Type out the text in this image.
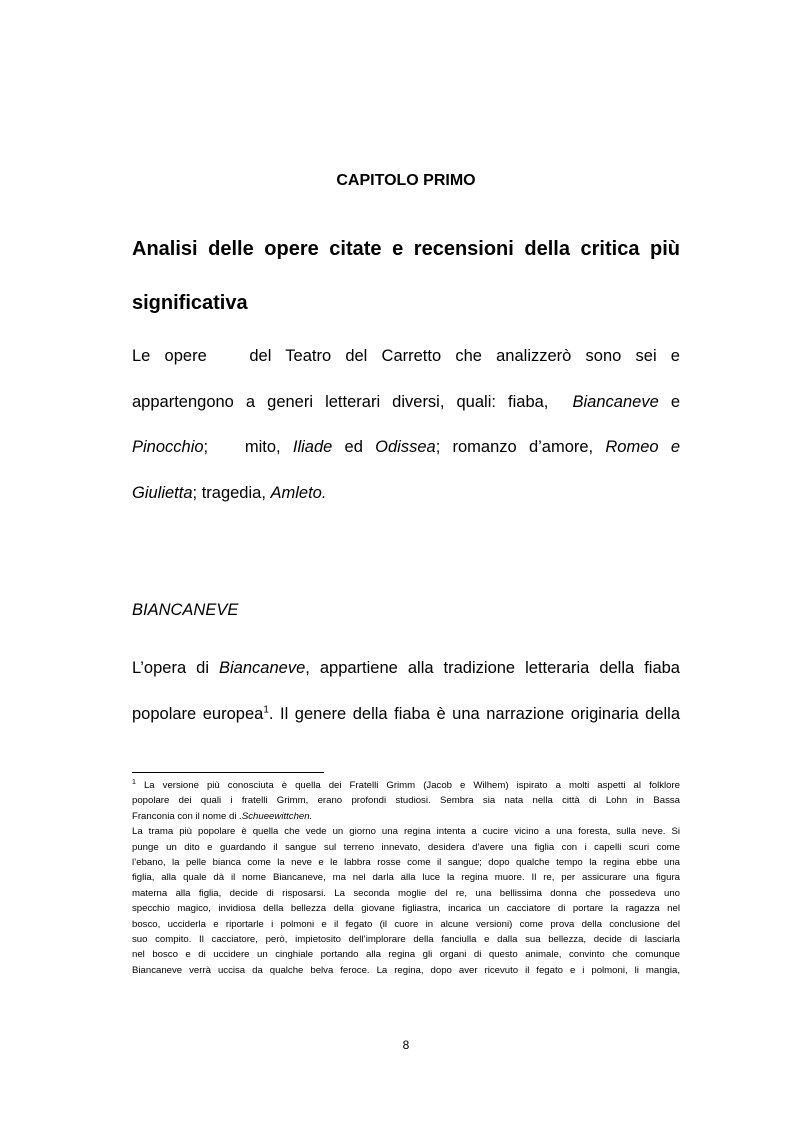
CAPITOLO PRIMO
Analisi delle opere citate e recensioni della critica più
significativa
Le opere   del Teatro del Carretto che analizzerò sono sei e
appartengono a generi letterari diversi, quali: fiaba,  Biancaneve e
Pinocchio;   mito, Iliade ed Odissea; romanzo d’amore, Romeo e
Giulietta; tragedia, Amleto.
BIANCANEVE
L’opera di Biancaneve, appartiene alla tradizione letteraria della fiaba
popolare europea$^1$. Il genere della fiaba è una narrazione originaria della
$^1$ La versione più conosciuta è quella dei Fratelli Grimm (Jacob e Wilhem) ispirato a molti aspetti al folklore
popolare dei quali i fratelli Grimm, erano profondi studiosi. Sembra sia nata nella città di Lohn in Bassa
Franconia con il nome di .Schueewittchen.
La trama più popolare è quella che vede un giorno una regina intenta a cucire vicino a una foresta, sulla neve. Si
punge un dito e guardando il sangue sul terreno innevato, desidera d’avere una figlia con i capelli scuri come
l’ebano, la pelle bianca come la neve e le labbra rosse come il sangue; dopo qualche tempo la regina ebbe una
figlia, alla quale dà il nome Biancaneve, ma nel darla alla luce la regina muore. Il re, per assicurare una figura
materna alla figlia, decide di risposarsi. La seconda moglie del re, una bellissima donna che possedeva uno
specchio magico, invidiosa della bellezza della giovane figliastra, incarica un cacciatore di portare la ragazza nel
bosco, ucciderla e riportarle i polmoni e il fegato (il cuore in alcune versioni) come prova della conclusione del
suo compito. Il cacciatore, però, impietosito dell’implorare della fanciulla e dalla sua bellezza, decide di lasciarla
nel bosco e di uccidere un cinghiale portando alla regina gli organi di questo animale, convinto che comunque
Biancaneve verrà uccisa da qualche belva feroce. La regina, dopo aver ricevuto il fegato e i polmoni, li mangia,
8
